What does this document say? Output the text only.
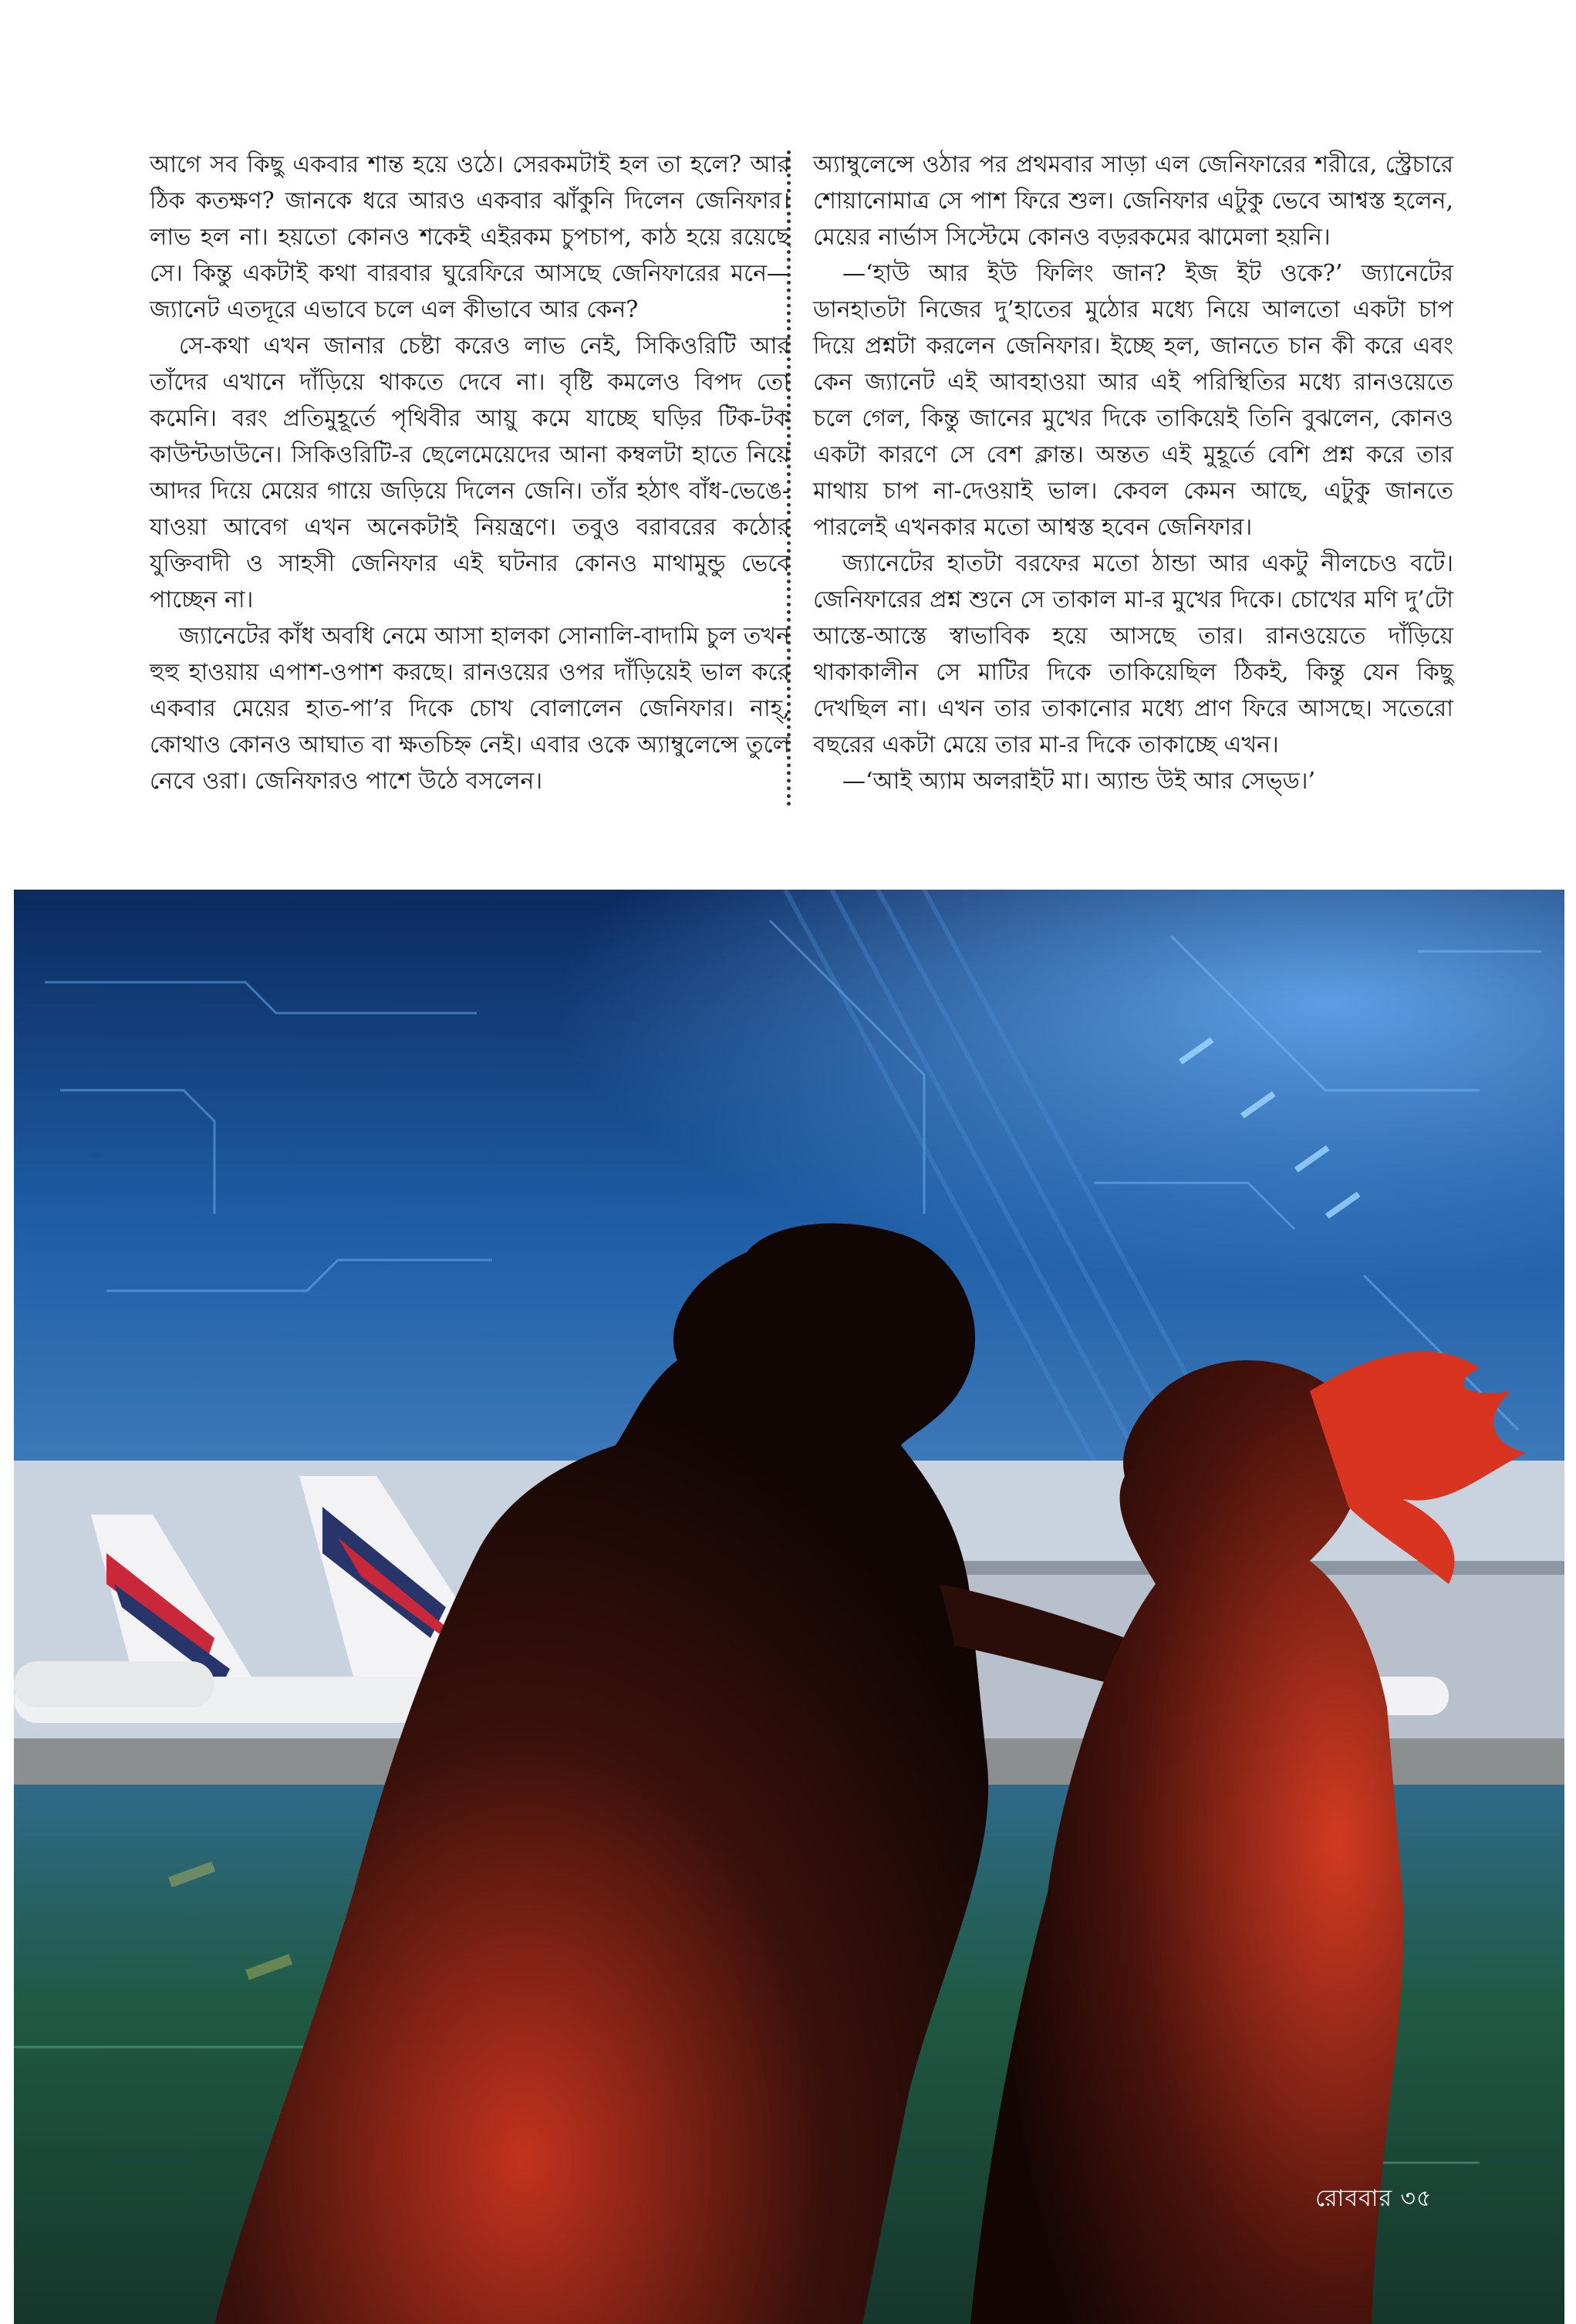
আগে সব কিছু একবার শান্ত হয়ে ওঠে। সেরকমটাই হল তা হলে? আর ঠিক কতক্ষণ? জানকে ধরে আরও একবার ঝাঁকুনি দিলেন জেনিফার। লাভ হল না। হয়তো কোনও শকেই এইরকম চুপচাপ, কাঠ হয়ে রয়েছে সে। কিন্তু একটাই কথা বারবার ঘুরেফিরে আসছে জেনিফারের মনে—জ্যানেট এতদূরে এভাবে চলে এল কীভাবে আর কেন?

সে-কথা এখন জানার চেষ্টা করেও লাভ নেই, সিকিওরিটি আর তাঁদের এখানে দাঁড়িয়ে থাকতে দেবে না। বৃষ্টি কমলেও বিপদ তো কমেনি। বরং প্রতিমুহূর্তে পৃথিবীর আয়ু কমে যাচ্ছে ঘড়ির টিক-টক কাউন্টডাউনে। সিকিওরিটি-র ছেলেমেয়েদের আনা কম্বলটা হাতে নিয়ে আদর দিয়ে মেয়ের গায়ে জড়িয়ে দিলেন জেনি। তাঁর হঠাৎ বাঁধ-ভেঙে-যাওয়া আবেগ এখন অনেকটাই নিয়ন্ত্রণে। তবুও বরাবরের কঠোর যুক্তিবাদী ও সাহসী জেনিফার এই ঘটনার কোনও মাথামুন্ডু ভেবে পাচ্ছেন না।

জ্যানেটের কাঁধ অবধি নেমে আসা হালকা সোনালি-বাদামি চুল তখন হুহু হাওয়ায় এপাশ-ওপাশ করছে। রানওয়ের ওপর দাঁড়িয়েই ভাল করে একবার মেয়ের হাত-পা’র দিকে চোখ বোলালেন জেনিফার। নাহ্, কোথাও কোনও আঘাত বা ক্ষতচিহ্ন নেই। এবার ওকে অ্যাম্বুলেন্সে তুলে নেবে ওরা। জেনিফারও পাশে উঠে বসলেন।

অ্যাম্বুলেন্সে ওঠার পর প্রথমবার সাড়া এল জেনিফারের শরীরে, স্ট্রেচারে শোয়ানোমাত্র সে পাশ ফিরে শুল। জেনিফার এটুকু ভেবে আশ্বস্ত হলেন, মেয়ের নার্ভাস সিস্টেমে কোনও বড়রকমের ঝামেলা হয়নি।

—‘হাউ আর ইউ ফিলিং জান? ইজ ইট ওকে?’ জ্যানেটের ডানহাতটা নিজের দু’হাতের মুঠোর মধ্যে নিয়ে আলতো একটা চাপ দিয়ে প্রশ্নটা করলেন জেনিফার। ইচ্ছে হল, জানতে চান কী করে এবং কেন জ্যানেট এই আবহাওয়া আর এই পরিস্থিতির মধ্যে রানওয়েতে চলে গেল, কিন্তু জানের মুখের দিকে তাকিয়েই তিনি বুঝলেন, কোনও একটা কারণে সে বেশ ক্লান্ত। অন্তত এই মুহূর্তে বেশি প্রশ্ন করে তার মাথায় চাপ না-দেওয়াই ভাল। কেবল কেমন আছে, এটুকু জানতে পারলেই এখনকার মতো আশ্বস্ত হবেন জেনিফার।

জ্যানেটের হাতটা বরফের মতো ঠান্ডা আর একটু নীলচেও বটে। জেনিফারের প্রশ্ন শুনে সে তাকাল মা-র মুখের দিকে। চোখের মণি দু’টো আস্তে-আস্তে স্বাভাবিক হয়ে আসছে তার। রানওয়েতে দাঁড়িয়ে থাকাকালীন সে মাটির দিকে তাকিয়েছিল ঠিকই, কিন্তু যেন কিছু দেখছিল না। এখন তার তাকানোর মধ্যে প্রাণ ফিরে আসছে। সতেরো বছরের একটা মেয়ে তার মা-র দিকে তাকাচ্ছে এখন।

—‘আই অ্যাম অলরাইট মা। অ্যান্ড উই আর সেভ্ড।’

রোববার ৩৫
